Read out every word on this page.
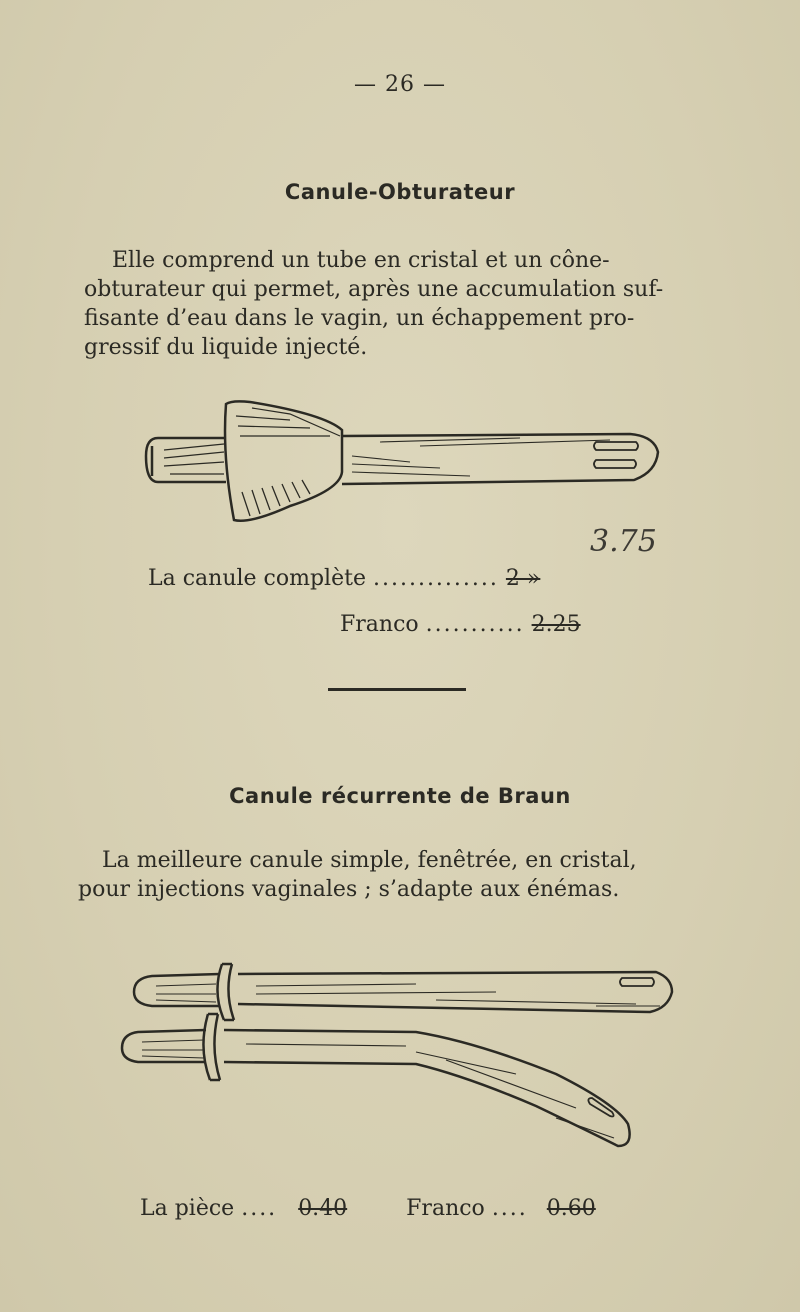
— 26 —
Canule-Obturateur
Elle comprend un tube en cristal et un cône-
obturateur qui permet, après une accumulation suf-
fisante d’eau dans le vagin, un échappement pro-
gressif du liquide injecté.
3.75
La canule complète .............. 2 »
Franco ........... 2.25
Canule récurrente de Braun
La meilleure canule simple, fenêtrée, en cristal,
pour injections vaginales ; s’adapte aux énémas.
La pièce .... 0.40	Franco .... 0.60
